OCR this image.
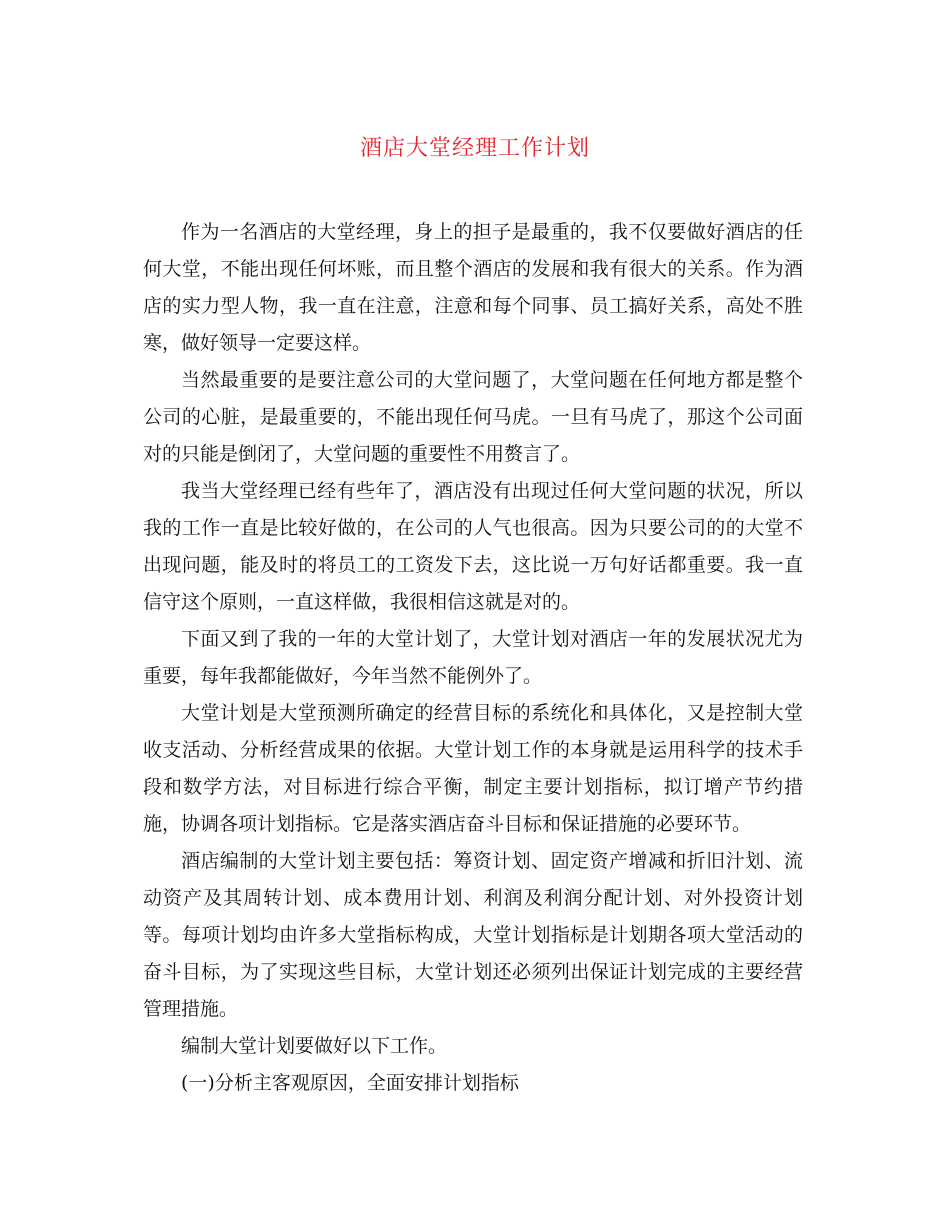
酒店大堂经理工作计划

作为一名酒店的大堂经理，身上的担子是最重的，我不仅要做好酒店的任何大堂，不能出现任何坏账，而且整个酒店的发展和我有很大的关系。作为酒店的实力型人物，我一直在注意，注意和每个同事、员工搞好关系，高处不胜寒，做好领导一定要这样。

当然最重要的是要注意公司的大堂问题了，大堂问题在任何地方都是整个公司的心脏，是最重要的，不能出现任何马虎。一旦有马虎了，那这个公司面对的只能是倒闭了，大堂问题的重要性不用赘言了。

我当大堂经理已经有些年了，酒店没有出现过任何大堂问题的状况，所以我的工作一直是比较好做的，在公司的人气也很高。因为只要公司的的大堂不出现问题，能及时的将员工的工资发下去，这比说一万句好话都重要。我一直信守这个原则，一直这样做，我很相信这就是对的。

下面又到了我的一年的大堂计划了，大堂计划对酒店一年的发展状况尤为重要，每年我都能做好，今年当然不能例外了。

大堂计划是大堂预测所确定的经营目标的系统化和具体化，又是控制大堂收支活动、分析经营成果的依据。大堂计划工作的本身就是运用科学的技术手段和数学方法，对目标进行综合平衡，制定主要计划指标，拟订增产节约措施，协调各项计划指标。它是落实酒店奋斗目标和保证措施的必要环节。

酒店编制的大堂计划主要包括：筹资计划、固定资产增减和折旧汁划、流动资产及其周转计划、成本费用计划、利润及利润分配计划、对外投资计划等。每项计划均由许多大堂指标构成，大堂计划指标是计划期各项大堂活动的奋斗目标，为了实现这些目标，大堂计划还必须列出保证计划完成的主要经营管理措施。

编制大堂计划要做好以下工作。

(一)分析主客观原因，全面安排计划指标
